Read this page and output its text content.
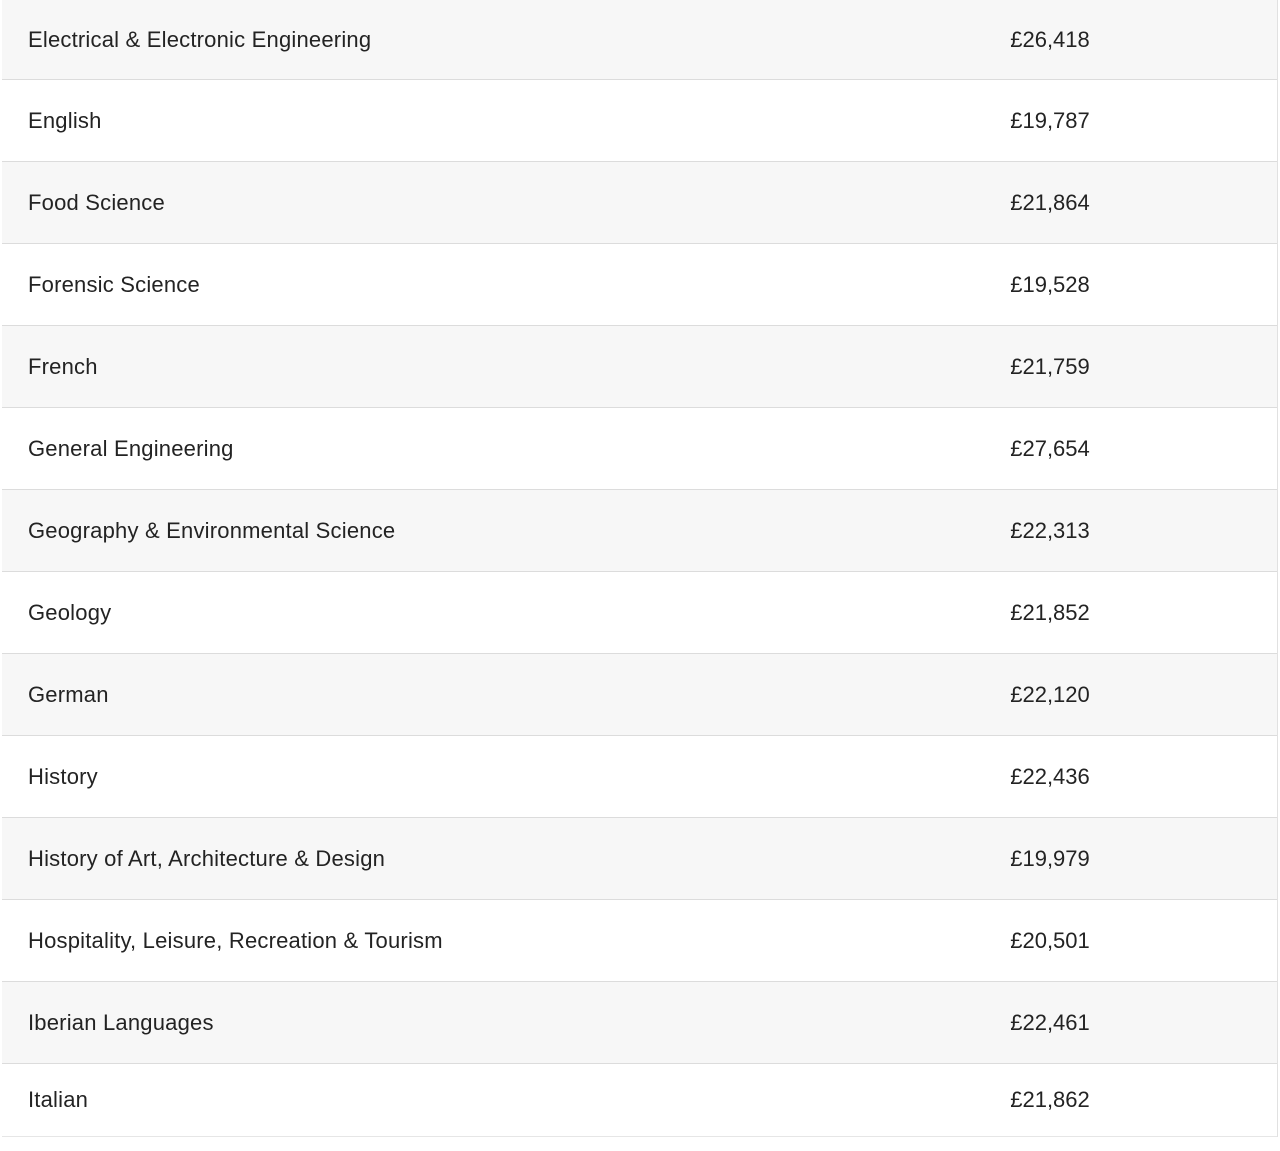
Electrical & Electronic Engineering	£26,418
English	£19,787
Food Science	£21,864
Forensic Science	£19,528
French	£21,759
General Engineering	£27,654
Geography & Environmental Science	£22,313
Geology	£21,852
German	£22,120
History	£22,436
History of Art, Architecture & Design	£19,979
Hospitality, Leisure, Recreation & Tourism	£20,501
Iberian Languages	£22,461
Italian	£21,862
